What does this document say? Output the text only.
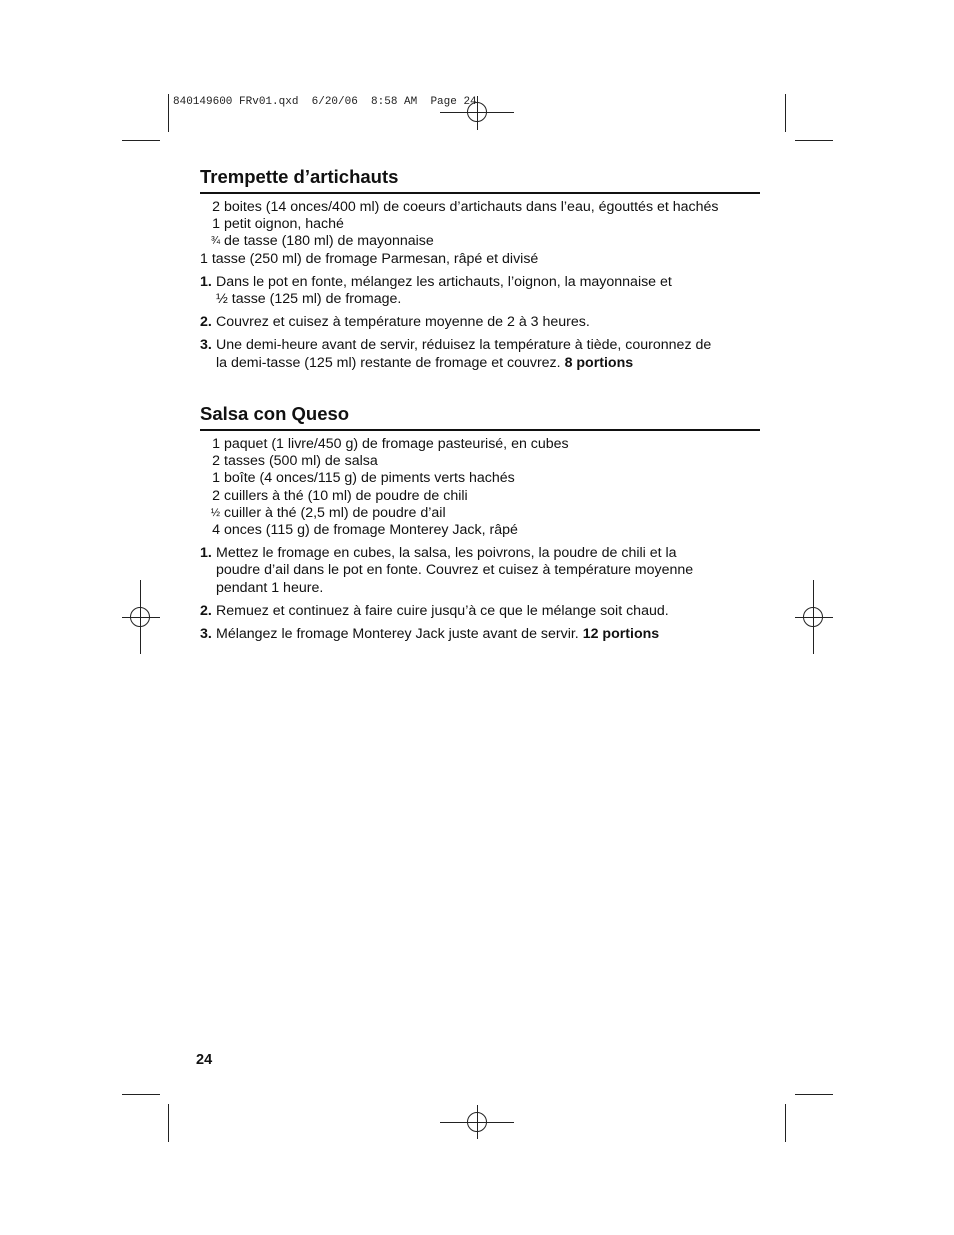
840149600 FRv01.qxd  6/20/06  8:58 AM  Page 24
Trempette d’artichauts
2 boites (14 onces/400 ml) de coeurs d’artichauts dans l’eau, égouttés et hachés
1 petit oignon, haché
¾ de tasse (180 ml) de mayonnaise
1 tasse (250 ml) de fromage Parmesan, râpé et divisé
1. Dans le pot en fonte, mélangez les artichauts, l’oignon, la mayonnaise et
½ tasse (125 ml) de fromage.
2. Couvrez et cuisez à température moyenne de 2 à 3 heures.
3. Une demi-heure avant de servir, réduisez la température à tiède, couronnez de
la demi-tasse (125 ml) restante de fromage et couvrez. 8 portions
Salsa con Queso
1 paquet (1 livre/450 g) de fromage pasteurisé, en cubes
2 tasses (500 ml) de salsa
1 boîte (4 onces/115 g) de piments verts hachés
2 cuillers à thé (10 ml) de poudre de chili
½ cuiller à thé (2,5 ml) de poudre d’ail
4 onces (115 g) de fromage Monterey Jack, râpé
1. Mettez le fromage en cubes, la salsa, les poivrons, la poudre de chili et la
poudre d’ail dans le pot en fonte. Couvrez et cuisez à température moyenne
pendant 1 heure.
2. Remuez et continuez à faire cuire jusqu’à ce que le mélange soit chaud.
3. Mélangez le fromage Monterey Jack juste avant de servir. 12 portions
24
